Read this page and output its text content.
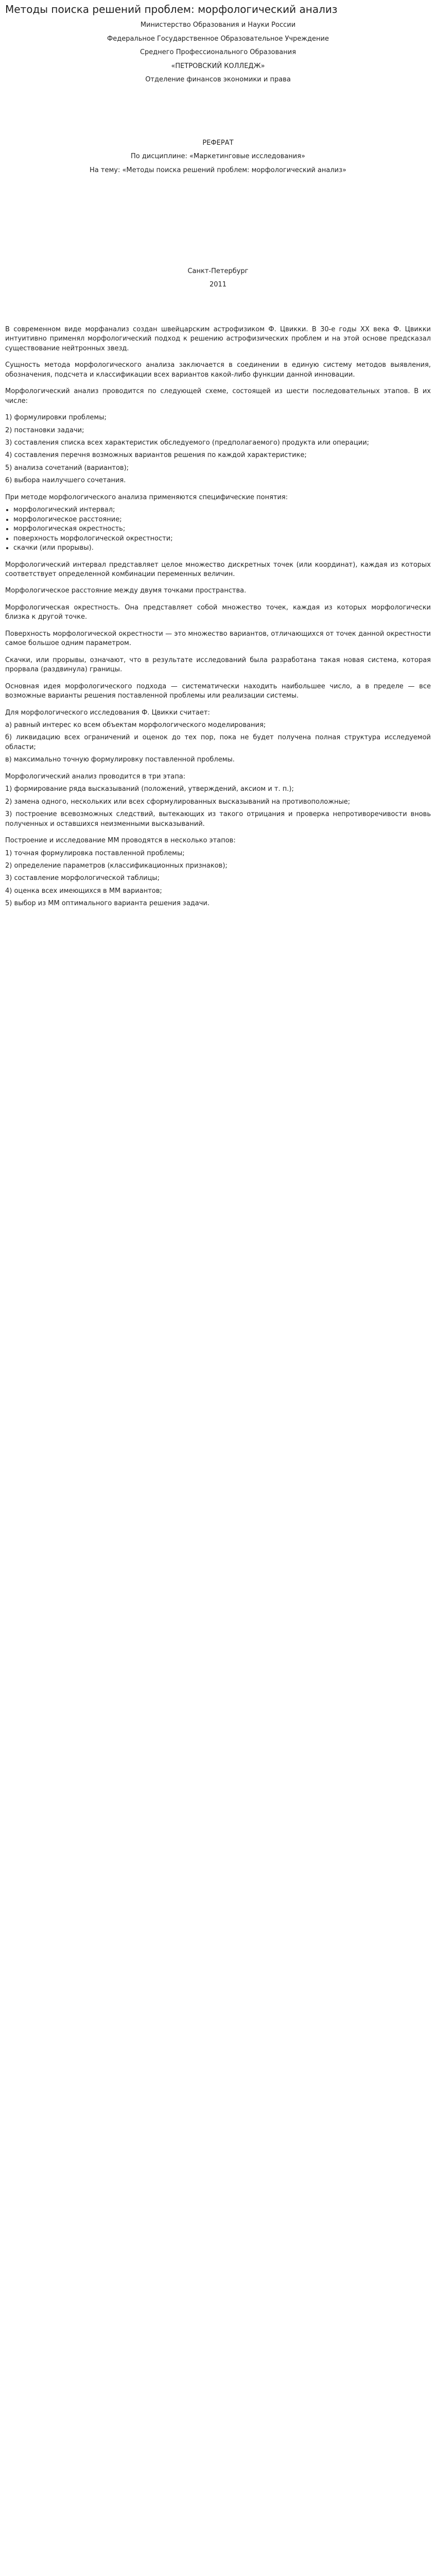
Методы поиска решений проблем: морфологический анализ

Министерство Образования и Науки России

Федеральное Государственное Образовательное Учреждение

Среднего Профессионального Образования

«ПЕТРОВСКИЙ КОЛЛЕДЖ»

Отделение финансов экономики и права

РЕФЕРАТ

По дисциплине: «Маркетинговые исследования»

На тему: «Методы поиска решений проблем: морфологический анализ»

Санкт-Петербург

2011

В современном виде морфанализ создан швейцарским астрофизиком Ф. Цвикки. В 30-е годы XX века Ф. Цвикки интуитивно применял морфологический подход к решению астрофизических проблем и на этой основе предсказал существование нейтронных звезд.

Сущность метода морфологического анализа заключается в соединении в единую систему методов выявления, обозначения, подсчета и классификации всех вариантов какой-либо функции данной инновации.

Морфологический анализ проводится по следующей схеме, состоящей из шести последовательных этапов. В их числе:

1) формулировки проблемы;

2) постановки задачи;

3) составления списка всех характеристик обследуемого (предполагаемого) продукта или операции;

4) составления перечня возможных вариантов решения по каждой характеристике;

5) анализа сочетаний (вариантов);

6) выбора наилучшего сочетания.

При методе морфологического анализа применяются специфические понятия:

• морфологический интервал;
• морфологическое расстояние;
• морфологическая окрестность;
• поверхность морфологической окрестности;
• скачки (или прорывы).

Морфологический интервал представляет целое множество дискретных точек (или координат), каждая из которых соответствует определенной комбинации переменных величин.

Морфологическое расстояние между двумя точками пространства.

Морфологическая окрестность. Она представляет собой множество точек, каждая из которых морфологически близка к другой точке.

Поверхность морфологической окрестности — это множество вариантов, отличающихся от точек данной окрестности самое большое одним параметром.

Скачки, или прорывы, означают, что в результате исследований была разработана такая новая система, которая прорвала (раздвинула) границы.

Основная идея морфологического подхода — систематически находить наибольшее число, а в пределе — все возможные варианты решения поставленной проблемы или реализации системы.

Для морфологического исследования Ф. Цвикки считает:

а) равный интерес ко всем объектам морфологического моделирования;

б) ликвидацию всех ограничений и оценок до тех пор, пока не будет получена полная структура исследуемой области;

в) максимально точную формулировку поставленной проблемы.

Морфологический анализ проводится в три этапа:

1) формирование ряда высказываний (положений, утверждений, аксиом и т. п.);

2) замена одного, нескольких или всех сформулированных высказываний на противоположные;

3) построение всевозможных следствий, вытекающих из такого отрицания и проверка непротиворечивости вновь полученных и оставшихся неизменными высказываний.

Построение и исследование ММ проводятся в несколько этапов:

1) точная формулировка поставленной проблемы;

2) определение параметров (классификационных признаков);

3) составление морфологической таблицы;

4) оценка всех имеющихся в ММ вариантов;

5) выбор из ММ оптимального варианта решения задачи.
